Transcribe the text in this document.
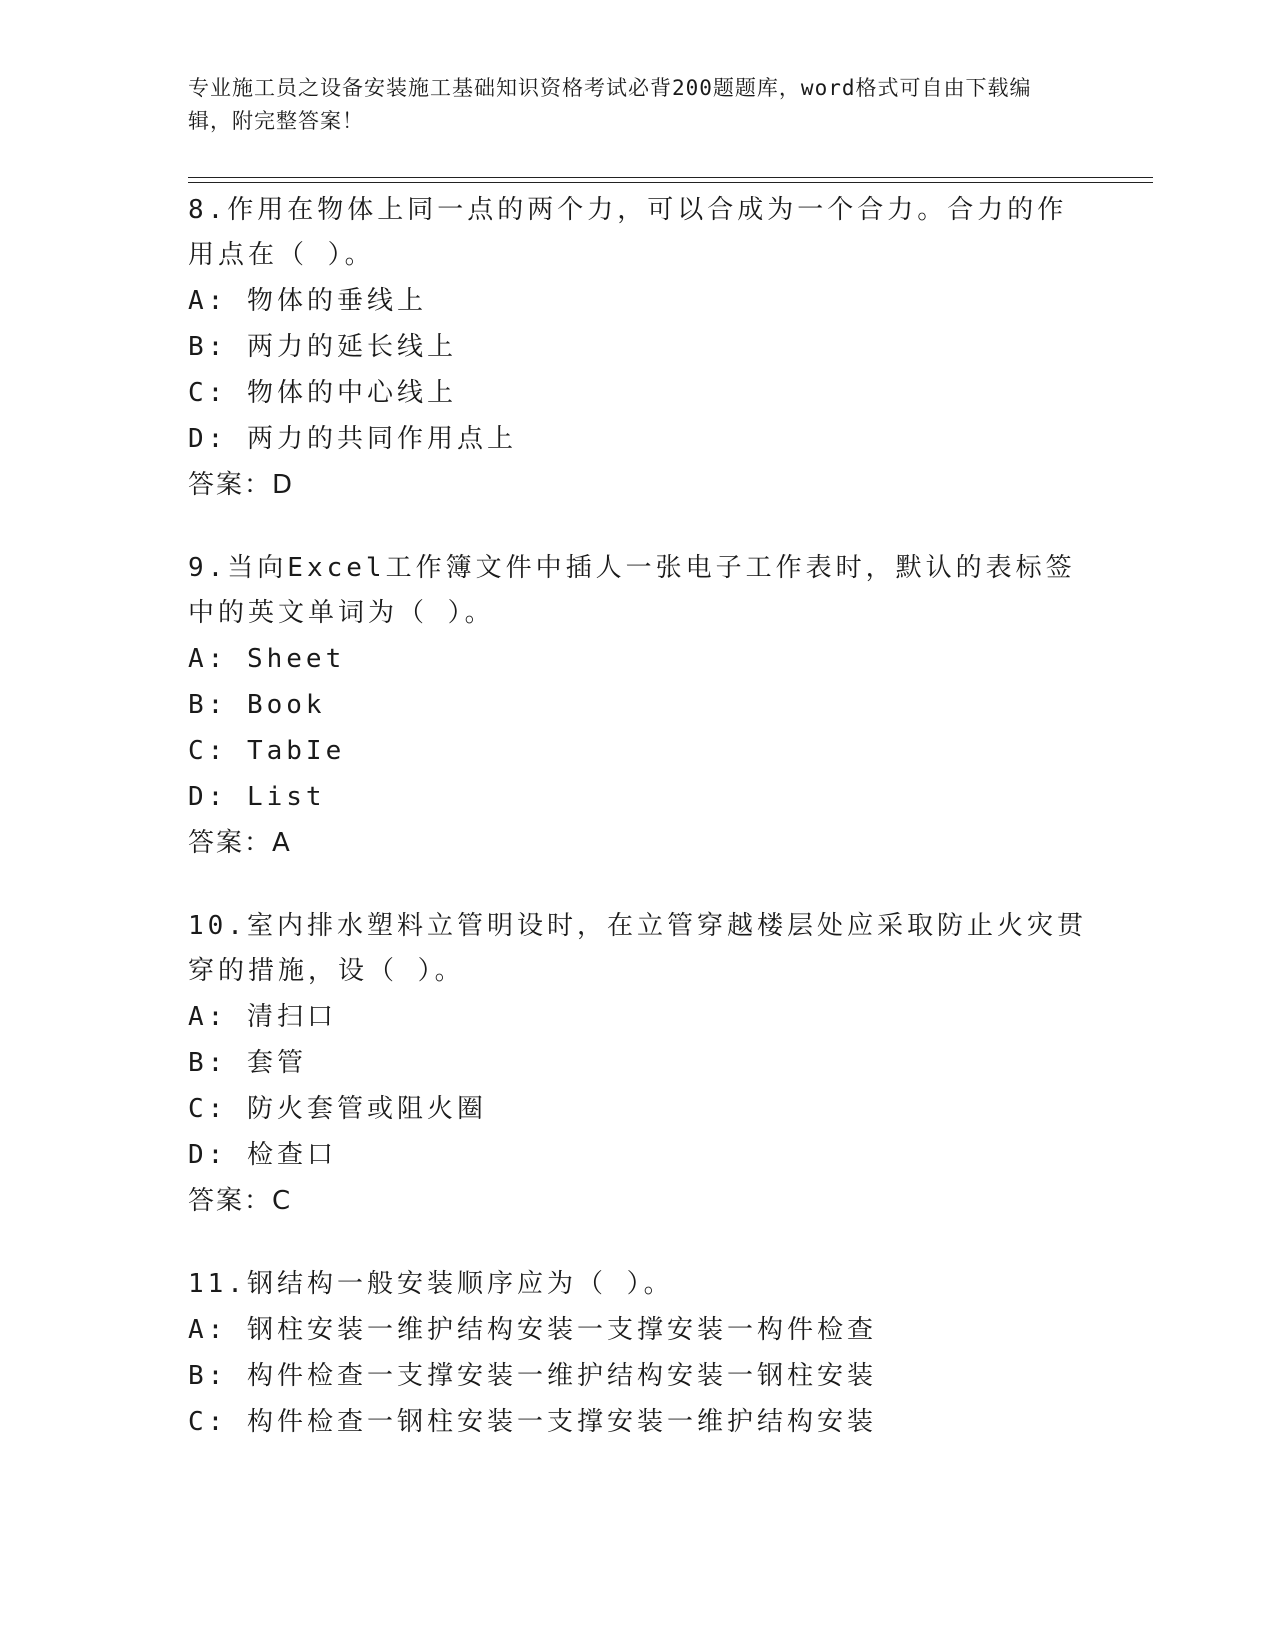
专业施工员之设备安装施工基础知识资格考试必背200题题库，word格式可自由下载编辑，附完整答案！
8.作用在物体上同一点的两个力，可以合成为一个合力。合力的作用点在（ ）。
A: 物体的垂线上
B: 两力的延长线上
C: 物体的中心线上
D: 两力的共同作用点上
答案：D
9.当向Excel工作簿文件中插人一张电子工作表时，默认的表标签中的英文单词为（ ）。
A: Sheet
B: Book
C: TabIe
D: List
答案：A
10.室内排水塑料立管明设时，在立管穿越楼层处应采取防止火灾贯穿的措施，设（ ）。
A: 清扫口
B: 套管
C: 防火套管或阻火圈
D: 检查口
答案：C
11.钢结构一般安装顺序应为（ ）。
A: 钢柱安装一维护结构安装一支撑安装一构件检查
B: 构件检查一支撑安装一维护结构安装一钢柱安装
C: 构件检查一钢柱安装一支撑安装一维护结构安装
